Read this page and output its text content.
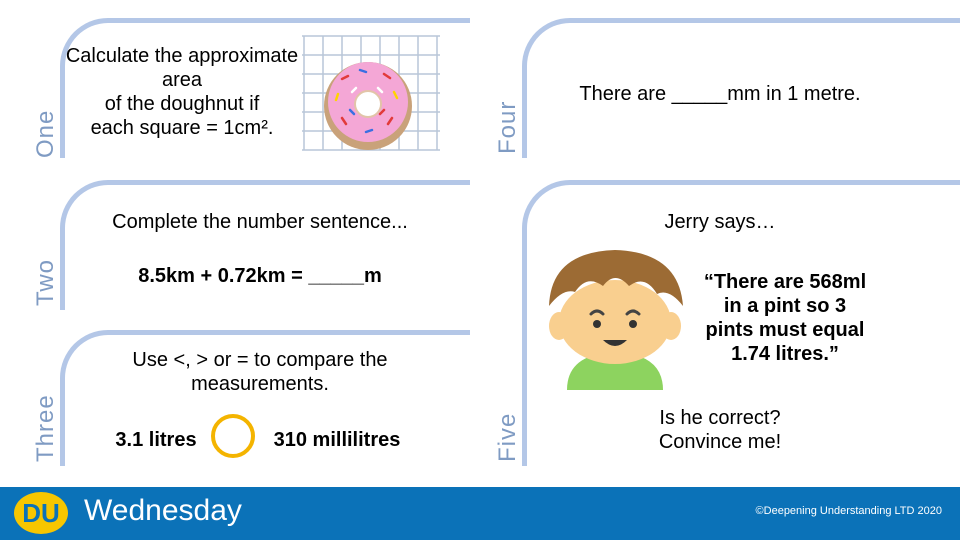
One
Calculate the approximate
area
of the doughnut if
each square = 1cm².	Four
There are _____mm in 1 metre.
Two
Complete the number sentence...
8.5km + 0.72km = _____m
Three
Use <, > or = to compare the
measurements.
3.1 litres	310 millilitres	Five
Jerry says…
“There are 568ml
in a pint so 3
pints must equal
1.74 litres.”
Is he correct?
Convince me!
DU Wednesday	©Deepening Understanding LTD 2020
